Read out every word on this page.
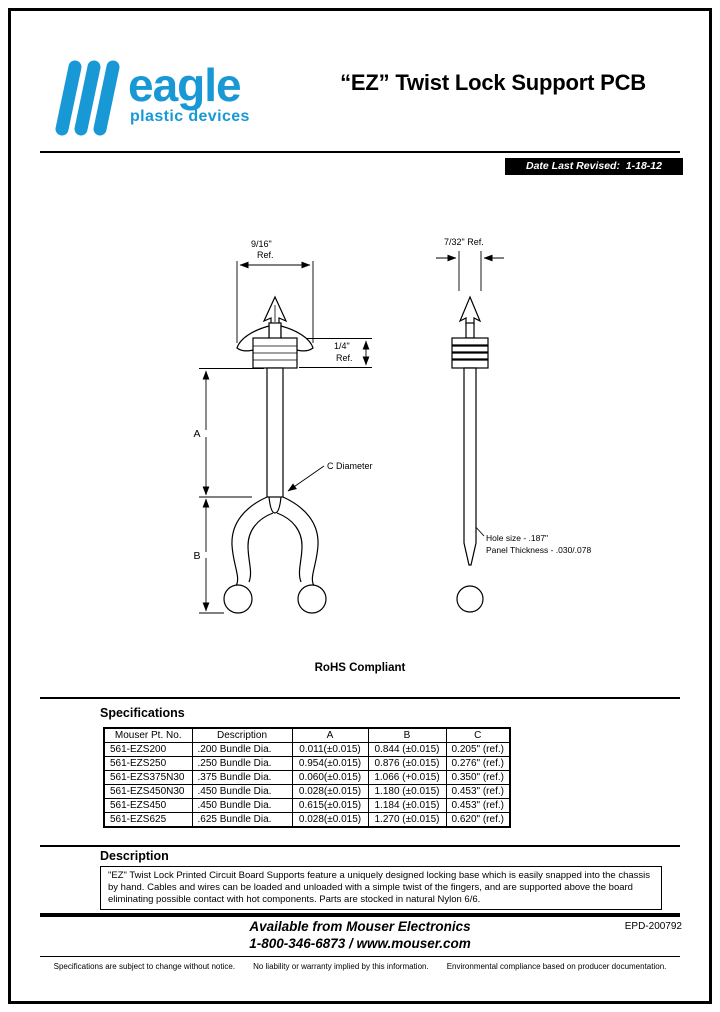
eagle
plastic devices
“EZ” Twist Lock Support PCB
Date Last Revised:  1-18-12
9/16"
Ref.
1/4"
Ref.
A
B
C Diameter
7/32" Ref.
Hole size - .187"
Panel Thickness - .030/.078
RoHS Compliant
Specifications
Mouser Pt. No.	Description	A	B	C
561-EZS200	.200 Bundle Dia.	0.011(±0.015)	0.844 (±0.015)	0.205" (ref.)
561-EZS250	.250 Bundle Dia.	0.954(±0.015)	0.876 (±0.015)	0.276" (ref.)
561-EZS375N30	.375 Bundle Dia.	0.060(±0.015)	1.066 (+0.015)	0.350" (ref.)
561-EZS450N30	.450 Bundle Dia.	0.028(±0.015)	1.180 (±0.015)	0.453" (ref.)
561-EZS450	.450 Bundle Dia.	0.615(±0.015)	1.184 (±0.015)	0.453" (ref.)
561-EZS625	.625 Bundle Dia.	0.028(±0.015)	1.270 (±0.015)	0.620" (ref.)
Description
"EZ" Twist Lock Printed Circuit Board Supports feature a uniquely designed locking base which is easily snapped into the chassis by hand. Cables and wires can be loaded and unloaded with a simple twist of the fingers, and are supported above the board eliminating possible contact with hot components. Parts are stocked in natural Nylon 6/6.
Available from Mouser Electronics
1-800-346-6873 / www.mouser.com
EPD-200792
Specifications are subject to change without notice. No liability or warranty implied by this information. Environmental compliance based on producer documentation.
